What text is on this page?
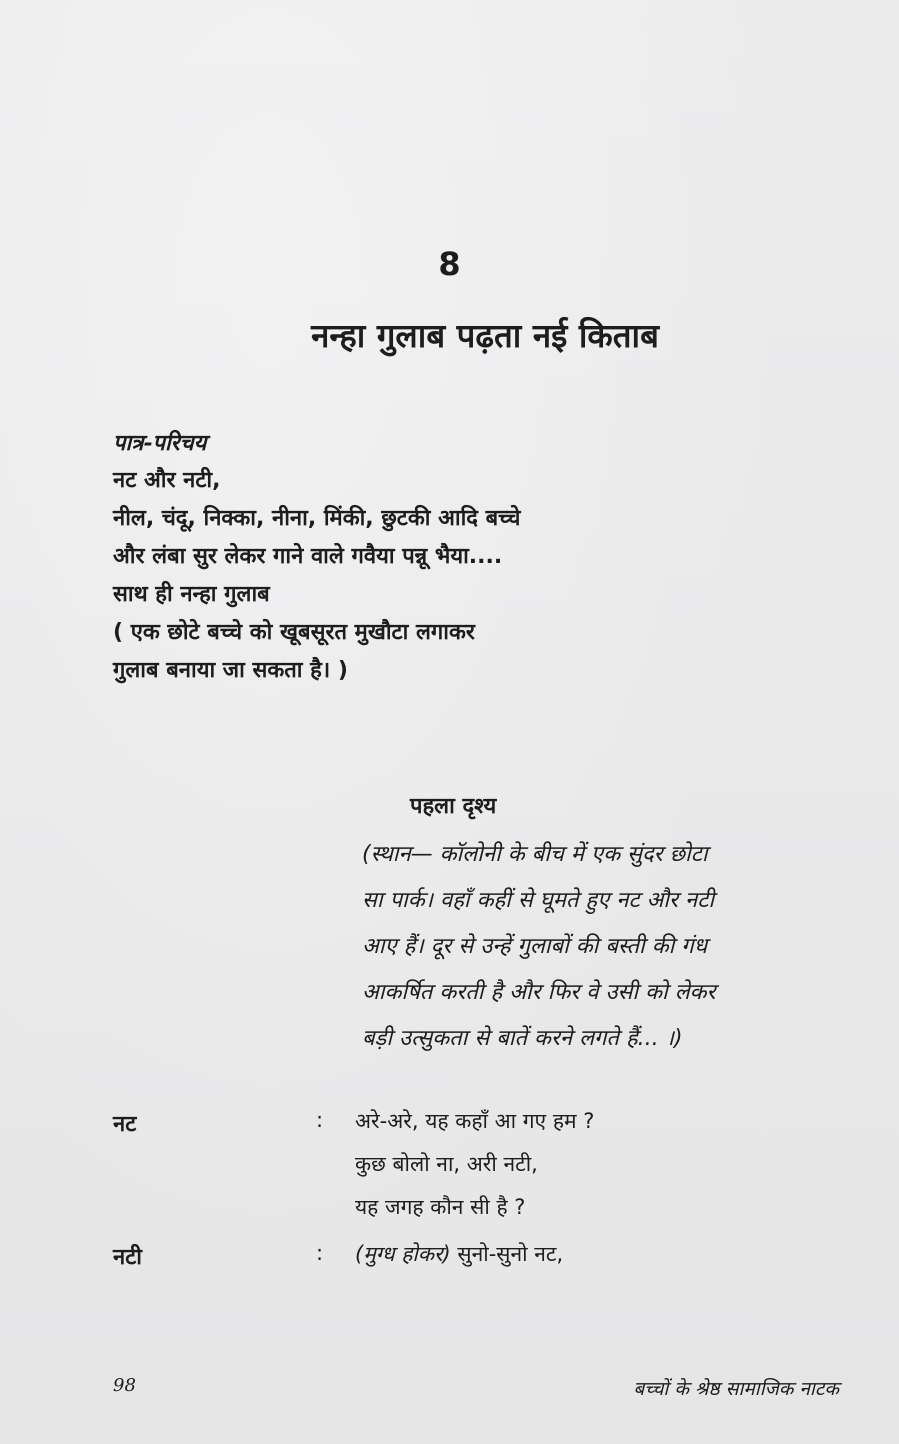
8
नन्हा गुलाब पढ़ता नई किताब
पात्र-परिचय
नट और नटी,
नील, चंदू, निक्का, नीना, मिंकी, छुटकी आदि बच्चे
और लंबा सुर लेकर गाने वाले गवैया पन्नू भैया....
साथ ही नन्हा गुलाब
( एक छोटे बच्चे को खूबसूरत मुखौटा लगाकर
गुलाब बनाया जा सकता है। )
पहला दृश्य
(स्थान— कॉलोनी के बीच में एक सुंदर छोटा
सा पार्क। वहाँ कहीं से घूमते हुए नट और नटी
आए हैं। दूर से उन्हें गुलाबों की बस्ती की गंध
आकर्षित करती है और फिर वे उसी को लेकर
बड़ी उत्सुकता से बातें करने लगते हैं... ।)
नट	: अरे-अरे, यह कहाँ आ गए हम ?
कुछ बोलो ना, अरी नटी,
यह जगह कौन सी है ?
नटी	: (मुग्ध होकर) सुनो-सुनो नट,
98	बच्चों के श्रेष्ठ सामाजिक नाटक
